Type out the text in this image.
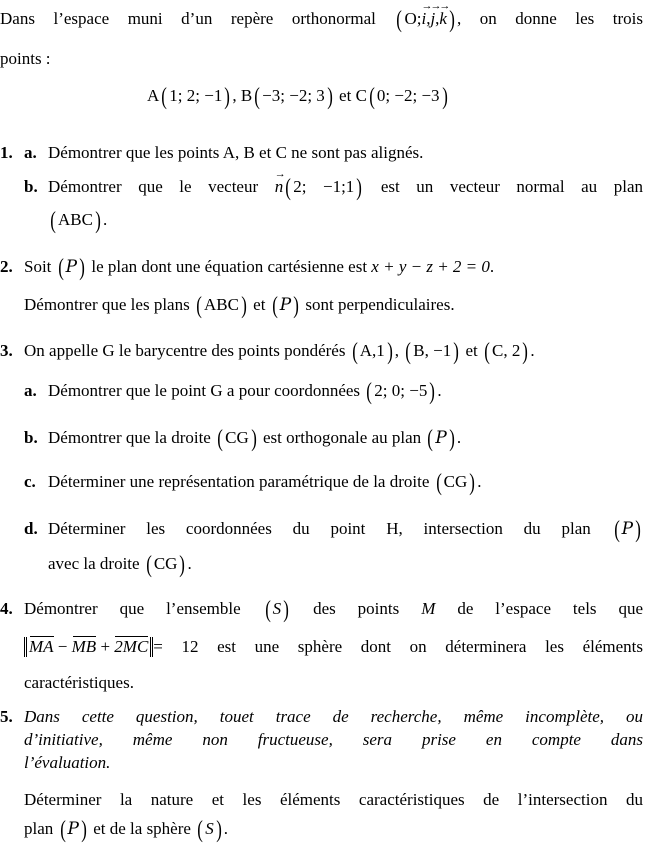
Dans l’espace muni d’un repère orthonormal ( O;i →,j →,k →) , on donne les trois
points :
A( 1; 2; −1) , B( −3; −2; 3) et C( 0; −2; −3)
1. a. Démontrer que les points A, B et C ne sont pas alignés.
b. Démontrer que le vecteur n →( 2; −1;1) est un vecteur normal au plan
( ABC) .
2. Soit ( P) le plan dont une équation cartésienne est x + y − z + 2 = 0.
Démontrer que les plans ( ABC) et ( P) sont perpendiculaires.
3. On appelle G le barycentre des points pondérés ( A,1) , ( B, −1) et ( C, 2) .
a. Démontrer que le point G a pour coordonnées ( 2; 0; −5) .
b. Démontrer que la droite ( CG) est orthogonale au plan ( P) .
c. Déterminer une représentation paramétrique de la droite ( CG) .
d. Déterminer les coordonnées du point H, intersection du plan ( P)
avec la droite ( CG) .
4. Démontrer que l’ensemble ( S) des points M de l’espace tels que
MA − MB + 2MC = 12 est une sphère dont on déterminera les éléments
caractéristiques.
5. Dans cette question, touet trace de recherche, même incomplète, ou
d’initiative, même non fructueuse, sera prise en compte dans
l’évaluation.
Déterminer la nature et les éléments caractéristiques de l’intersection du
plan ( P) et de la sphère ( S) .
